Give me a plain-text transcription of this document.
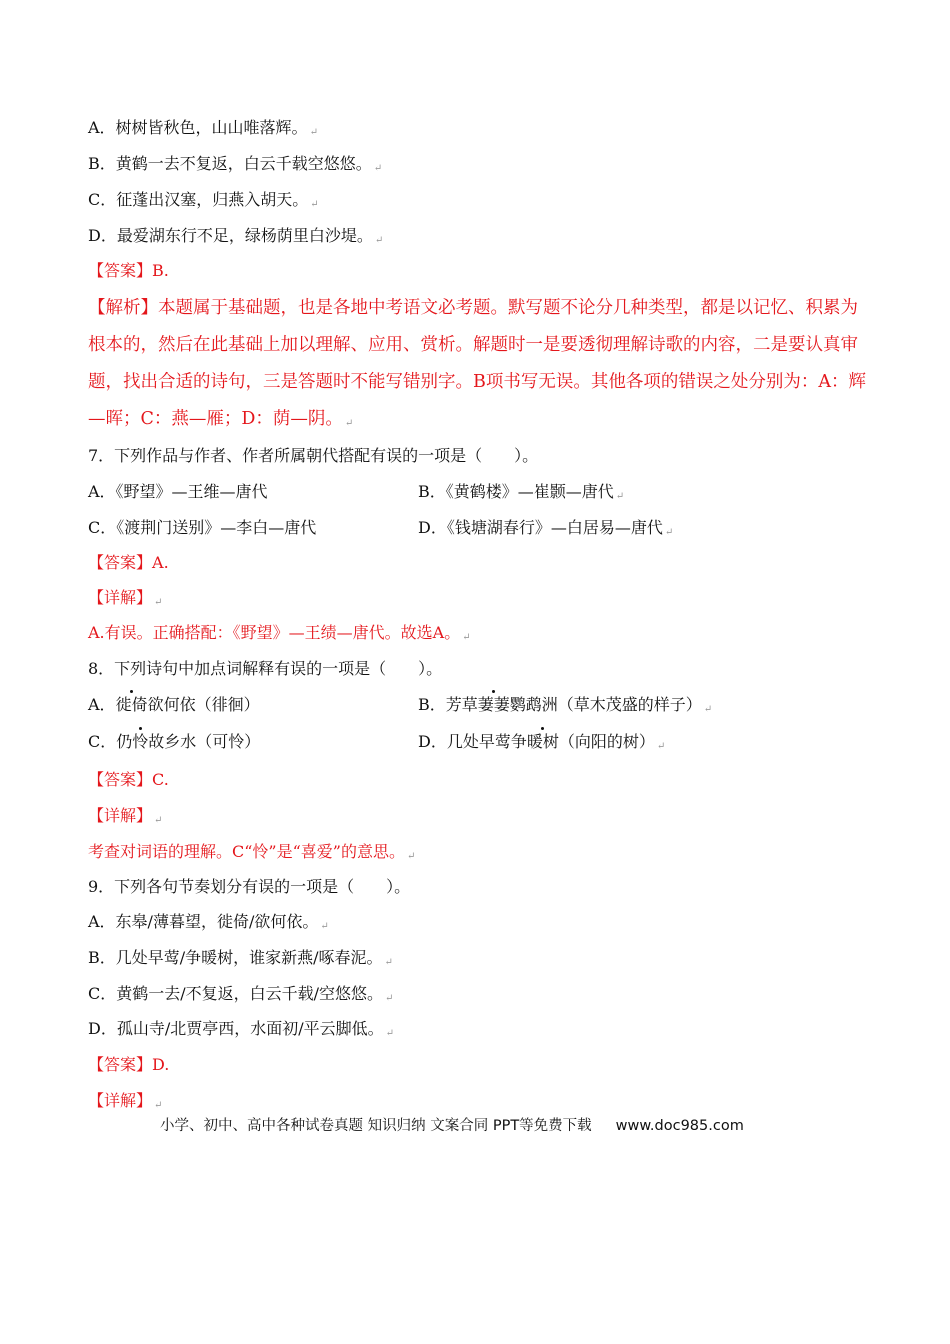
A．树树皆秋色，山山唯落辉。 ↵
B．黄鹤一去不复返，白云千载空悠悠。 ↵
C．征蓬出汉塞，归燕入胡天。 ↵
D．最爱湖东行不足，绿杨荫里白沙堤。 ↵
【答案】B.
【解析】本题属于基础题，也是各地中考语文必考题。默写题不论分几种类型，都是以记忆、积累为根本的，然后在此基础上加以理解、应用、赏析。解题时一是要透彻理解诗歌的内容，二是要认真审题，找出合适的诗句，三是答题时不能写错别字。B项书写无误。其他各项的错误之处分别为：A：辉—晖；C：燕—雁；D：荫—阴。 ↵
7．下列作品与作者、作者所属朝代搭配有误的一项是（　　）。
A．《野望》—王维—唐代	B．《黄鹤楼》—崔颢—唐代 ↵
C．《渡荆门送别》—李白—唐代	D．《钱塘湖春行》—白居易—唐代 ↵
【答案】A.
【详解】 ↵
A.有误。正确搭配：《野望》—王绩—唐代。故选A。 ↵
8．下列诗句中加点词解释有误的一项是（　　）。
A．徙倚欲何依（徘徊）	B．芳草萋萋鹦鹉洲（草木茂盛的样子） ↵
C．仍怜故乡水（可怜）	D．几处早莺争暖树（向阳的树） ↵
【答案】C.
【详解】 ↵
考查对词语的理解。C“怜”是“喜爱”的意思。 ↵
9．下列各句节奏划分有误的一项是（　　）。
A．东皋/薄暮望，徙倚/欲何依。 ↵
B．几处早莺/争暖树，谁家新燕/啄春泥。 ↵
C．黄鹤一去/不复返，白云千载/空悠悠。 ↵
D．孤山寺/北贾亭西，水面初/平云脚低。 ↵
【答案】D.
【详解】 ↵
小学、初中、高中各种试卷真题 知识归纳 文案合同 PPT等免费下载 www.doc985.com
